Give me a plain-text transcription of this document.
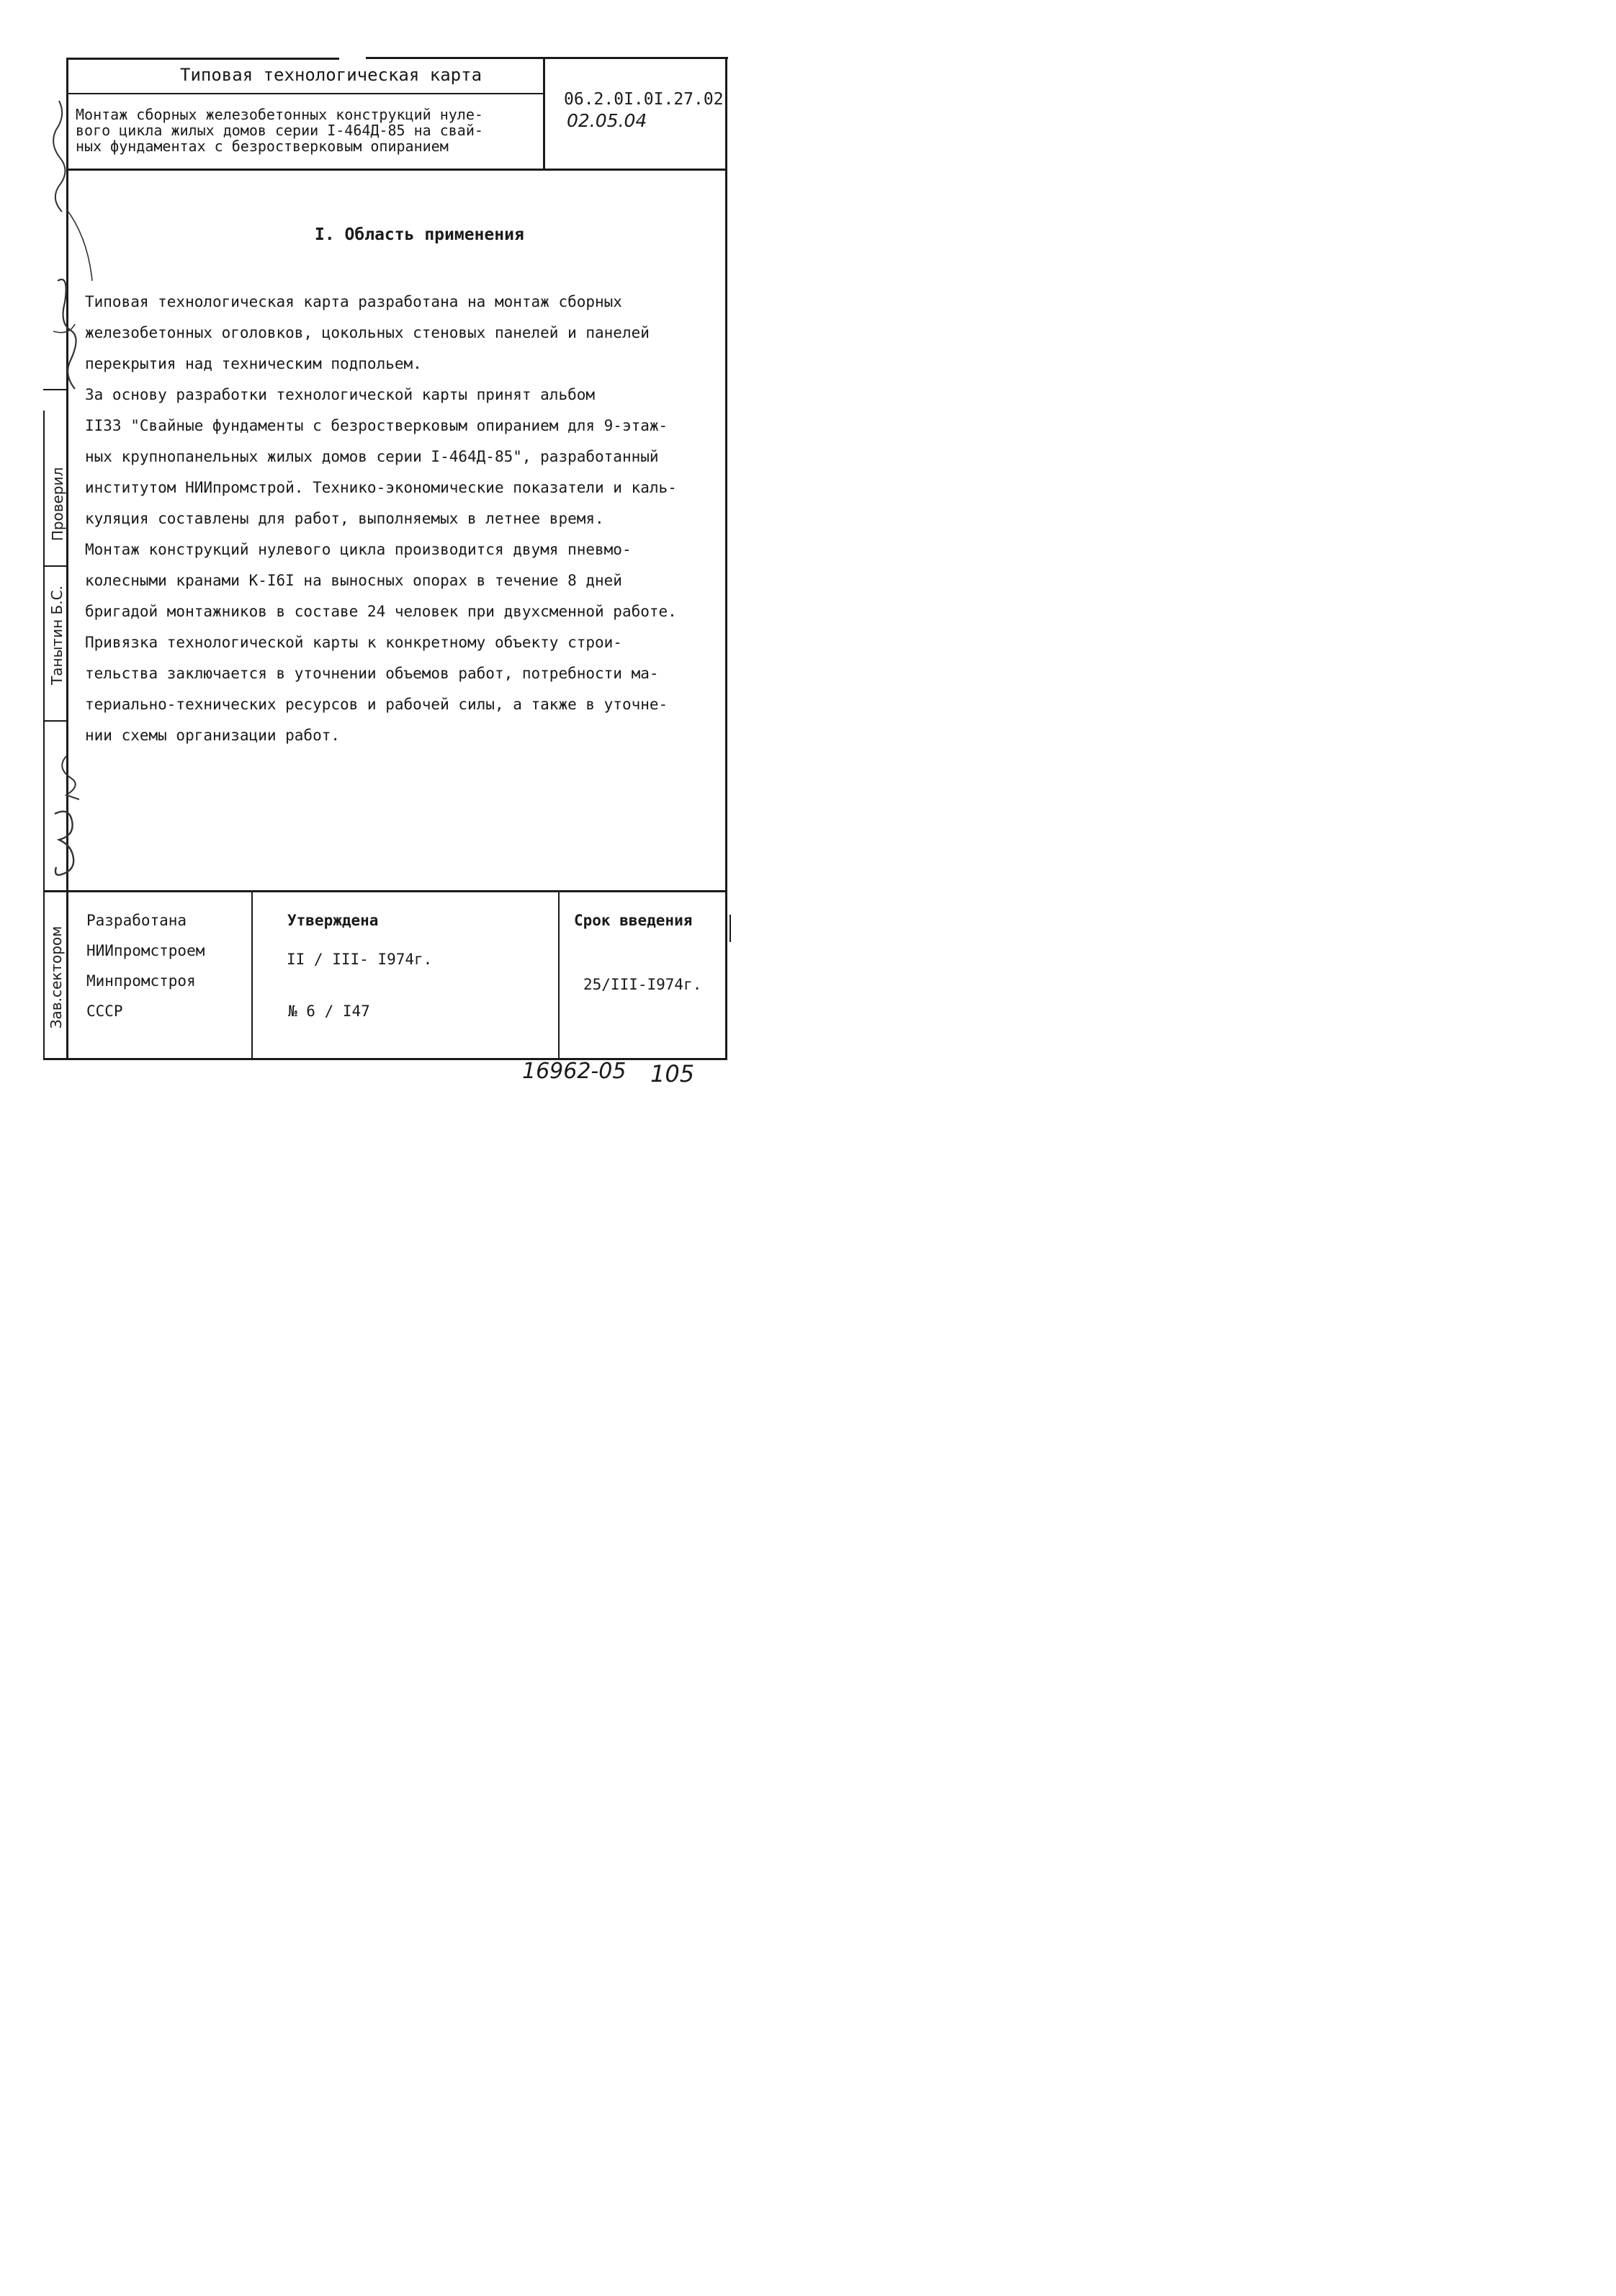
Типовая технологическая карта
Монтаж сборных железобетонных конструкций нуле-
вого цикла жилых домов серии I-464Д-85 на свай-
ных фундаментах с безростверковым опиранием
06.2.0I.0I.27.02
02.05.04
I. Область применения
Типовая технологическая карта разработана на монтаж сборных
железобетонных оголовков, цокольных стеновых панелей и панелей
перекрытия над техническим подпольем.
За основу разработки технологической карты принят альбом
II33 "Свайные фундаменты с безростверковым опиранием для 9-этаж-
ных крупнопанельных жилых домов серии I-464Д-85", разработанный
институтом НИИпромстрой. Технико-экономические показатели и каль-
куляция составлены для работ, выполняемых в летнее время.
Монтаж конструкций нулевого цикла производится двумя пневмо-
колесными кранами К-I6I на выносных опорах в течение 8 дней
бригадой монтажников в составе 24 человек при двухсменной работе.
Привязка технологической карты к конкретному объекту строи-
тельства заключается в уточнении объемов работ, потребности ма-
териально-технических ресурсов и рабочей силы, а также в уточне-
нии схемы организации работ.
Проверил
Танытин Б.С.
Зав.сектором
Разработана
НИИпромстроем
Минпромстроя
СССР
Утверждена
II / III- I974г.
№ 6 / I47
Срок введения
25/III-I974г.
16962-05 105
